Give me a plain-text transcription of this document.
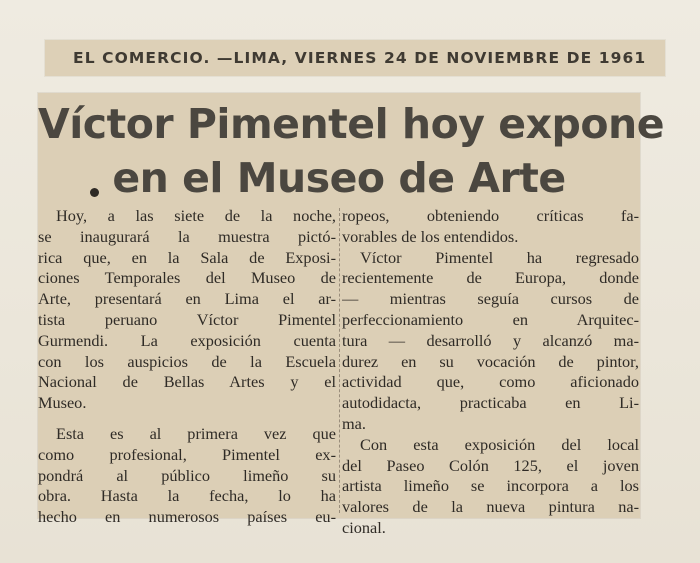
EL COMERCIO. —LIMA, VIERNES 24 DE NOVIEMBRE DE 1961
Víctor Pimentel hoy expone
en el Museo de Arte
Hoy, a las siete de la noche,
se inaugurará la muestra pictó-
rica que, en la Sala de Exposi-
ciones Temporales del Museo de
Arte, presentará en Lima el ar-
tista peruano Víctor Pimentel
Gurmendi. La exposición cuenta
con los auspicios de la Escuela
Nacional de Bellas Artes y el
Museo.
Esta es al primera vez que
como profesional, Pimentel ex-
pondrá al público limeño su
obra. Hasta la fecha, lo ha
hecho en numerosos países eu-
ropeos, obteniendo críticas fa-
vorables de los entendidos.
Víctor Pimentel ha regresado
recientemente de Europa, donde
— mientras seguía cursos de
perfeccionamiento en Arquitec-
tura — desarrolló y alcanzó ma-
durez en su vocación de pintor,
actividad que, como aficionado
autodidacta, practicaba en Li-
ma.
Con esta exposición del local
del Paseo Colón 125, el joven
artista limeño se incorpora a los
valores de la nueva pintura na-
cional.
